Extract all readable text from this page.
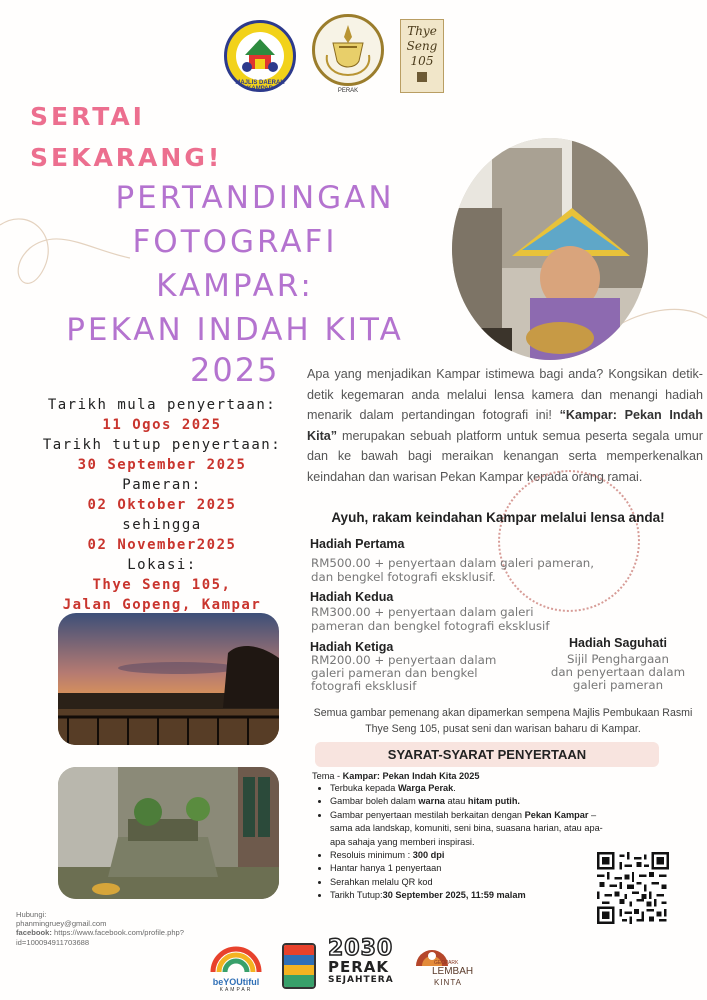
MAJLIS DAERAH KAMPAR	PERAK
Thye
Seng
105
SERTAI
SEKARANG!
PERTANDINGAN
FOTOGRAFI
KAMPAR:
PEKAN INDAH KITA
2025
Tarikh mula penyertaan:
11 Ogos 2025
Tarikh tutup penyertaan:
30 September 2025
Pameran:
02 Oktober 2025
sehingga
02 November2025
Lokasi:
Thye Seng 105,
Jalan Gopeng, Kampar
Apa yang menjadikan Kampar istimewa bagi anda? Kongsikan detik-detik kegemaran anda melalui lensa kamera dan menangi hadiah menarik dalam pertandingan fotografi ini! “Kampar: Pekan Indah Kita” merupakan sebuah platform untuk semua peserta segala umur dan ke bawah bagi meraikan kenangan serta memperkenalkan keindahan dan warisan Pekan Kampar kepada orang ramai.
Ayuh, rakam keindahan Kampar melalui lensa anda!
Hadiah Pertama
RM500.00 + penyertaan dalam galeri pameran,
dan bengkel fotografi eksklusif.
Hadiah Kedua
RM300.00 + penyertaan dalam galeri
pameran dan bengkel fotografi eksklusif
Hadiah Ketiga
RM200.00 + penyertaan dalam
galeri pameran dan bengkel
fotografi eksklusif
Hadiah Saguhati
Sijil Penghargaan
dan penyertaan dalam
galeri pameran
Semua gambar pemenang akan dipamerkan sempena Majlis Pembukaan Rasmi
Thye Seng 105, pusat seni dan warisan baharu di Kampar.
SYARAT-SYARAT PENYERTAAN
Tema - Kampar: Pekan Indah Kita 2025
• Terbuka kepada Warga Perak.
• Gambar boleh dalam warna atau hitam putih.
• Gambar penyertaan mestilah berkaitan dengan Pekan Kampar – sama ada landskap, komuniti, seni bina, suasana harian, atau apa-apa sahaja yang memberi inspirasi.
• Resoluis minimum : 300 dpi
• Hantar hanya 1 penyertaan
• Serahkan melalu QR kod
• Tarikh Tutup:30 September 2025, 11:59 malam
Hubungi:
phanmingruey@gmail.com
facebook: https://www.facebook.com/profile.php?
id=100094911703688
beYOUtiful
KAMPAR
2030
PERAK
SEJAHTERA
GEOPARK
LEMBAH
KINTA
